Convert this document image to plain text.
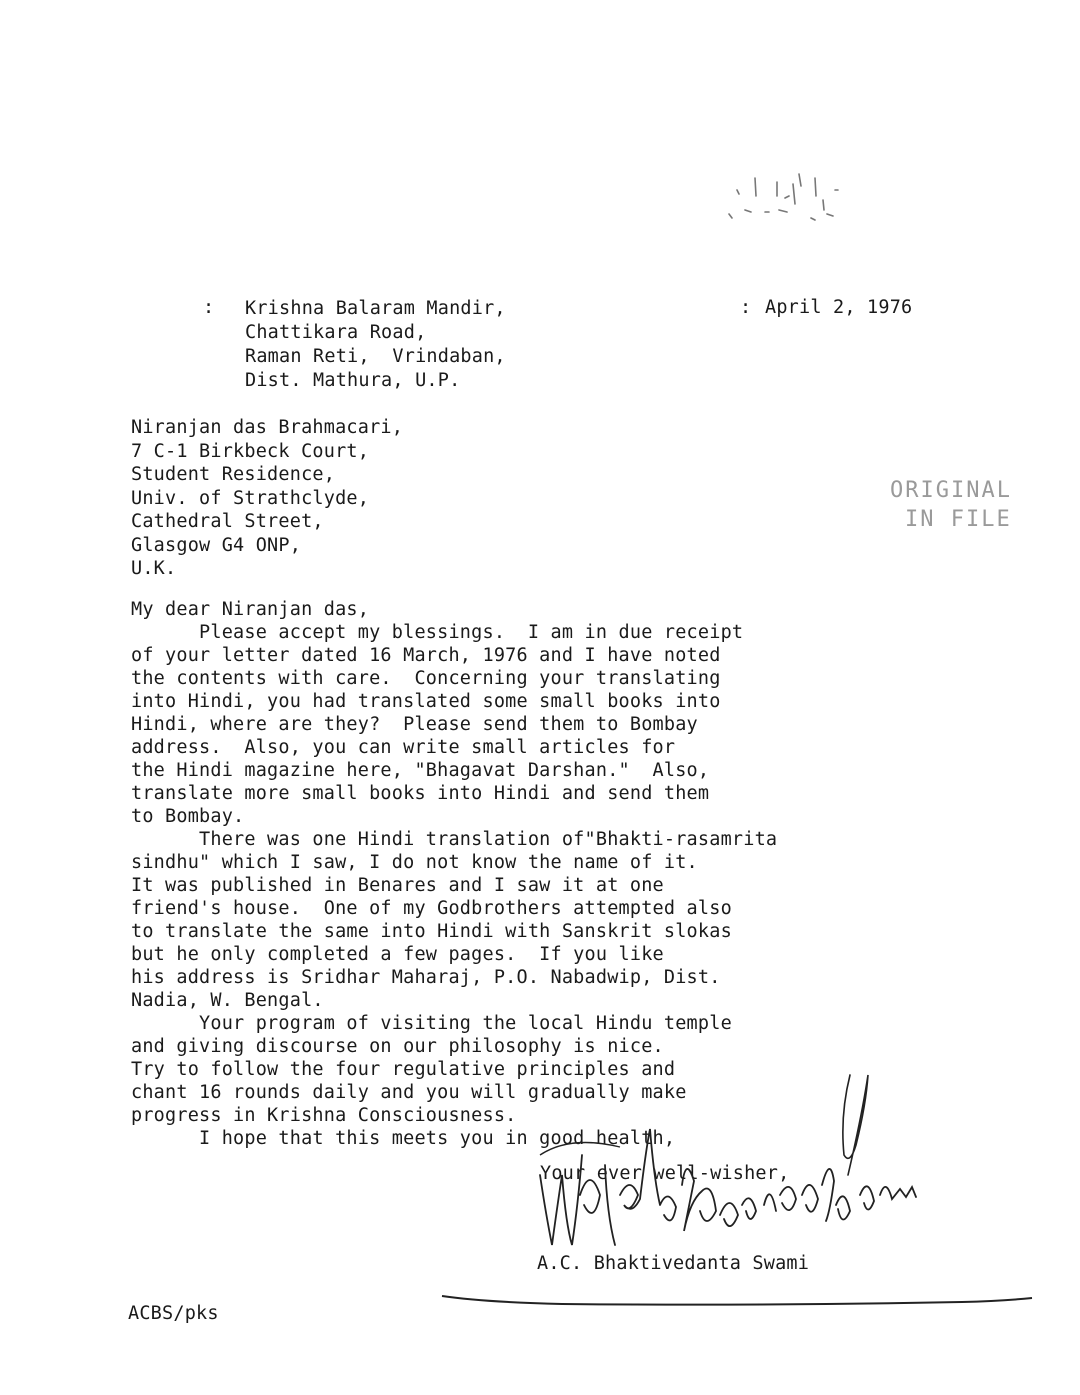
: Krishna Balaram Mandir,
Chattikara Road,
Raman Reti,  Vrindaban,
Dist. Mathura, U.P.
: April 2, 1976
Niranjan das Brahmacari,
7 C-1 Birkbeck Court,
Student Residence,
Univ. of Strathclyde,
Cathedral Street,
Glasgow G4 ONP,
U.K.
ORIGINAL
IN FILE
My dear Niranjan das,
Please accept my blessings.  I am in due receipt
of your letter dated 16 March, 1976 and I have noted
the contents with care.  Concerning your translating
into Hindi, you had translated some small books into
Hindi, where are they?  Please send them to Bombay
address.  Also, you can write small articles for
the Hindi magazine here, "Bhagavat Darshan."  Also,
translate more small books into Hindi and send them
to Bombay.
There was one Hindi translation of"Bhakti-rasamrita
sindhu" which I saw, I do not know the name of it.
It was published in Benares and I saw it at one
friend's house.  One of my Godbrothers attempted also
to translate the same into Hindi with Sanskrit slokas
but he only completed a few pages.  If you like
his address is Sridhar Maharaj, P.O. Nabadwip, Dist.
Nadia, W. Bengal.
Your program of visiting the local Hindu temple
and giving discourse on our philosophy is nice.
Try to follow the four regulative principles and
chant 16 rounds daily and you will gradually make
progress in Krishna Consciousness.
I hope that this meets you in good health,
Your ever well-wisher,
A.C. Bhaktivedanta Swami
ACBS/pks
